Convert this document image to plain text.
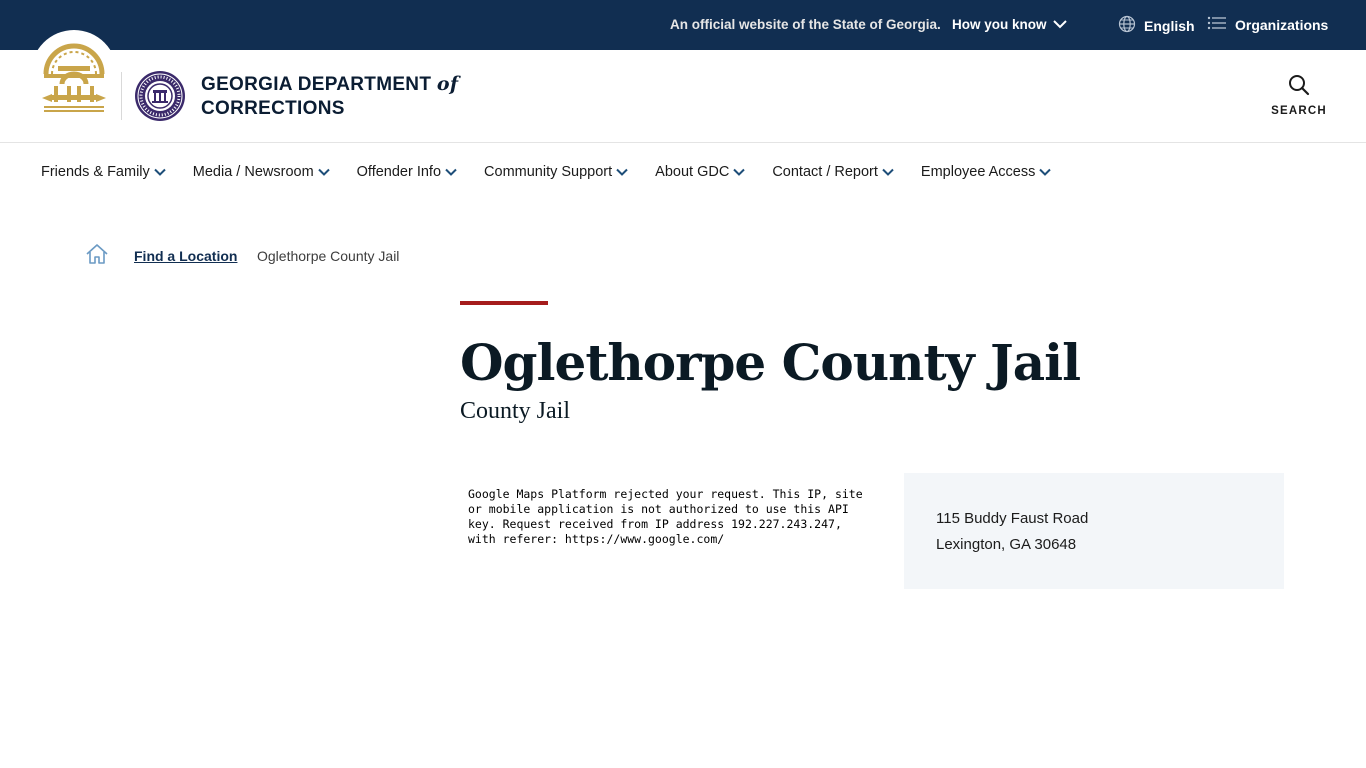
An official website of the State of Georgia. How you know	English	Organizations
GEORGIA DEPARTMENT of
CORRECTIONS	SEARCH
Friends & Family	Media / Newsroom	Offender Info	Community Support	About GDC	Contact / Report	Employee Access
Find a Location Oglethorpe County Jail
Oglethorpe County Jail
County Jail
Google Maps Platform rejected your request. This IP, site or mobile application is not authorized to use this API key. Request received from IP address 192.227.243.247, with referer: https://www.google.com/
115 Buddy Faust Road
Lexington, GA 30648
